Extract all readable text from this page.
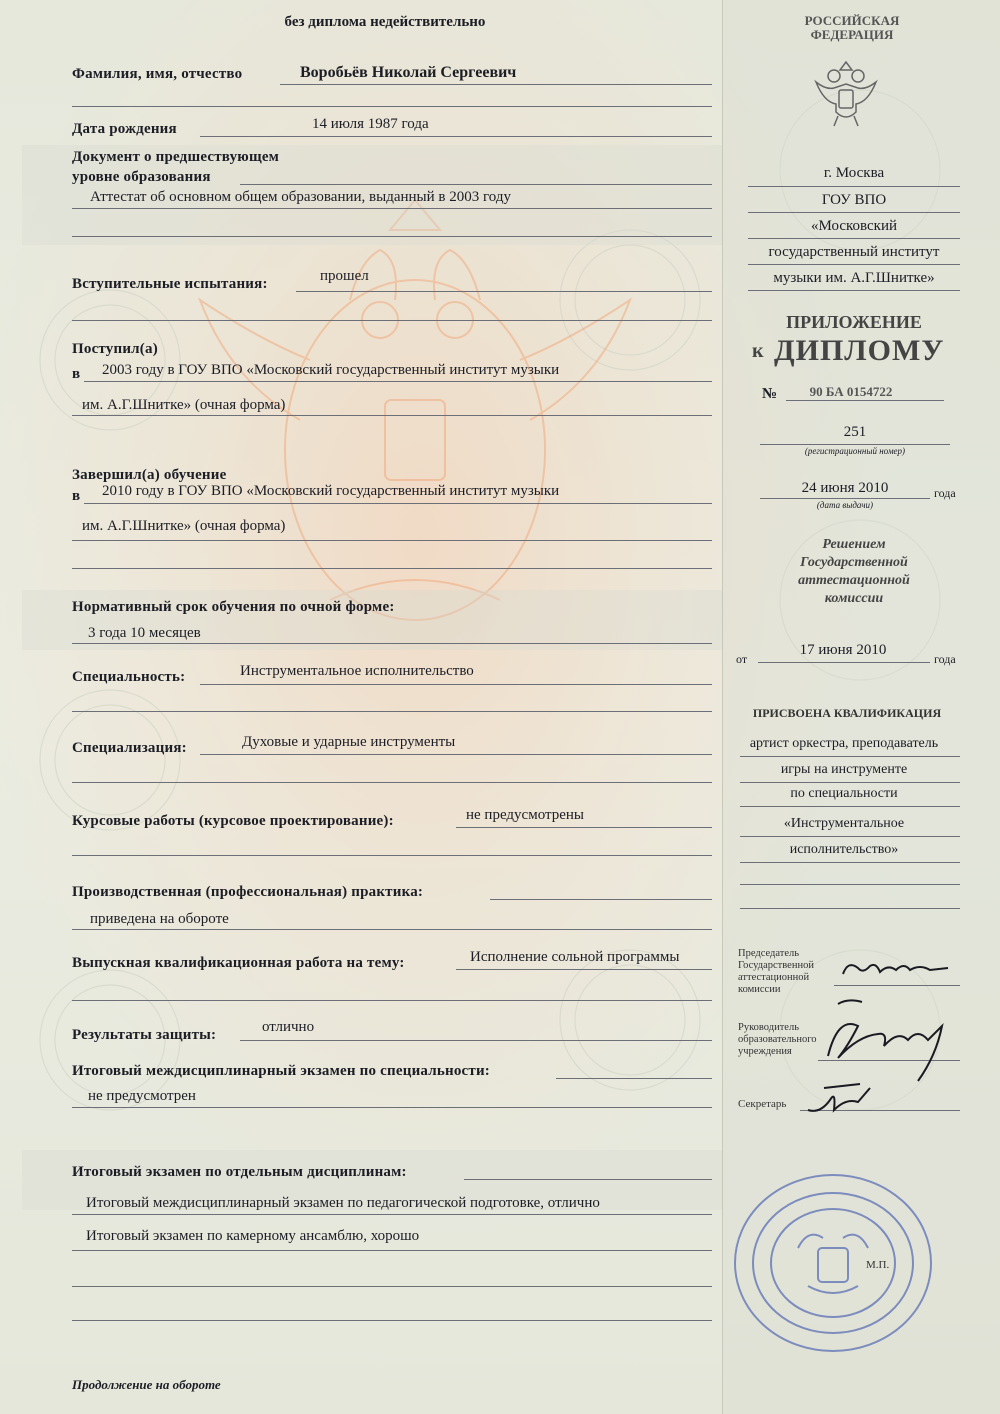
без диплома недействительно	РОССИЙСКАЯ
ФЕДЕРАЦИЯ
Фамилия, имя, отчество	Воробьёв Николай Сергеевич
Дата рождения	14 июля 1987 года
Документ о предшествующем
уровне образования
Аттестат об основном общем образовании, выданный в 2003 году
Вступительные испытания:	прошел
Поступил(а)
в 2003 году в ГОУ ВПО «Московский государственный институт музыки
им. А.Г.Шнитке» (очная форма)
Завершил(а) обучение
в 2010 году в ГОУ ВПО «Московский государственный институт музыки
им. А.Г.Шнитке» (очная форма)
Нормативный срок обучения по очной форме:
3 года 10 месяцев
Специальность:	Инструментальное исполнительство
Специализация:	Духовые и ударные инструменты
Курсовые работы (курсовое проектирование):	не предусмотрены
Производственная (профессиональная) практика:
приведена на обороте
Выпускная квалификационная работа на тему:	Исполнение сольной программы
Результаты защиты:	отлично
Итоговый междисциплинарный экзамен по специальности:
не предусмотрен
Итоговый экзамен по отдельным дисциплинам:
Итоговый междисциплинарный экзамен по педагогической подготовке, отлично
Итоговый экзамен по камерному ансамблю, хорошо
Продолжение на обороте
г. Москва
ГОУ ВПО
«Московский
государственный институт
музыки им. А.Г.Шнитке»
ПРИЛОЖЕНИЕ
к ДИПЛОМУ
№	90 БА 0154722
251
(регистрационный номер)
24 июня 2010	года
(дата выдачи)
Решением
Государственной
аттестационной
комиссии
от
17 июня 2010
года
ПРИСВОЕНА КВАЛИФИКАЦИЯ
артист оркестра, преподаватель
игры на инструменте
по специальности
«Инструментальное
исполнительство»
Председатель
Государственной
аттестационной
комиссии
Руководитель
образовательного
учреждения
Секретарь
М.П.
